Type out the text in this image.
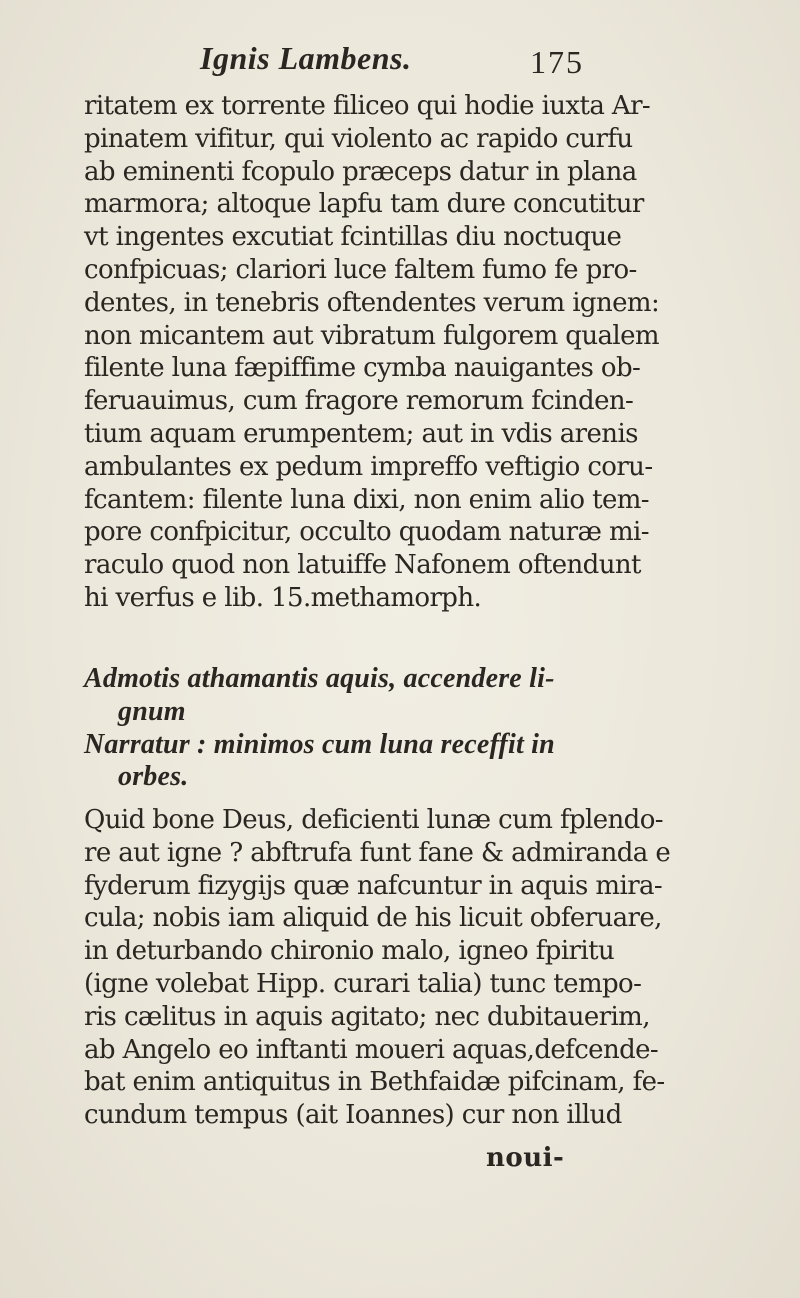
Ignis Lambens.	175
ritatem ex torrente filiceo qui hodie iuxta Ar-
pinatem vifitur, qui violento ac rapido curfu
ab eminenti fcopulo præceps datur in plana
marmora; altoque lapfu tam dure concutitur
vt ingentes excutiat fcintillas diu noctuque
confpicuas; clariori luce faltem fumo fe pro-
dentes, in tenebris oftendentes verum ignem:
non micantem aut vibratum fulgorem qualem
filente luna fæpiffime cymba nauigantes ob-
feruauimus, cum fragore remorum fcinden-
tium aquam erumpentem; aut in vdis arenis
ambulantes ex pedum impreffo veftigio coru-
fcantem: filente luna dixi, non enim alio tem-
pore confpicitur, occulto quodam naturæ mi-
raculo quod non latuiffe Nafonem oftendunt
hi verfus e lib. 15.methamorph.
Admotis athamantis aquis, accendere li-
gnum
Narratur : minimos cum luna receffit in
orbes.
Quid bone Deus, deficienti lunæ cum fplendo-
re aut igne ? abftrufa funt fane & admiranda e
fyderum fizygijs quæ nafcuntur in aquis mira-
cula; nobis iam aliquid de his licuit obferuare,
in deturbando chironio malo, igneo fpiritu
(igne volebat Hipp. curari talia) tunc tempo-
ris cælitus in aquis agitato; nec dubitauerim,
ab Angelo eo inftanti moueri aquas,defcende-
bat enim antiquitus in Bethfaidæ pifcinam, fe-
cundum tempus (ait Ioannes) cur non illud
noui-
